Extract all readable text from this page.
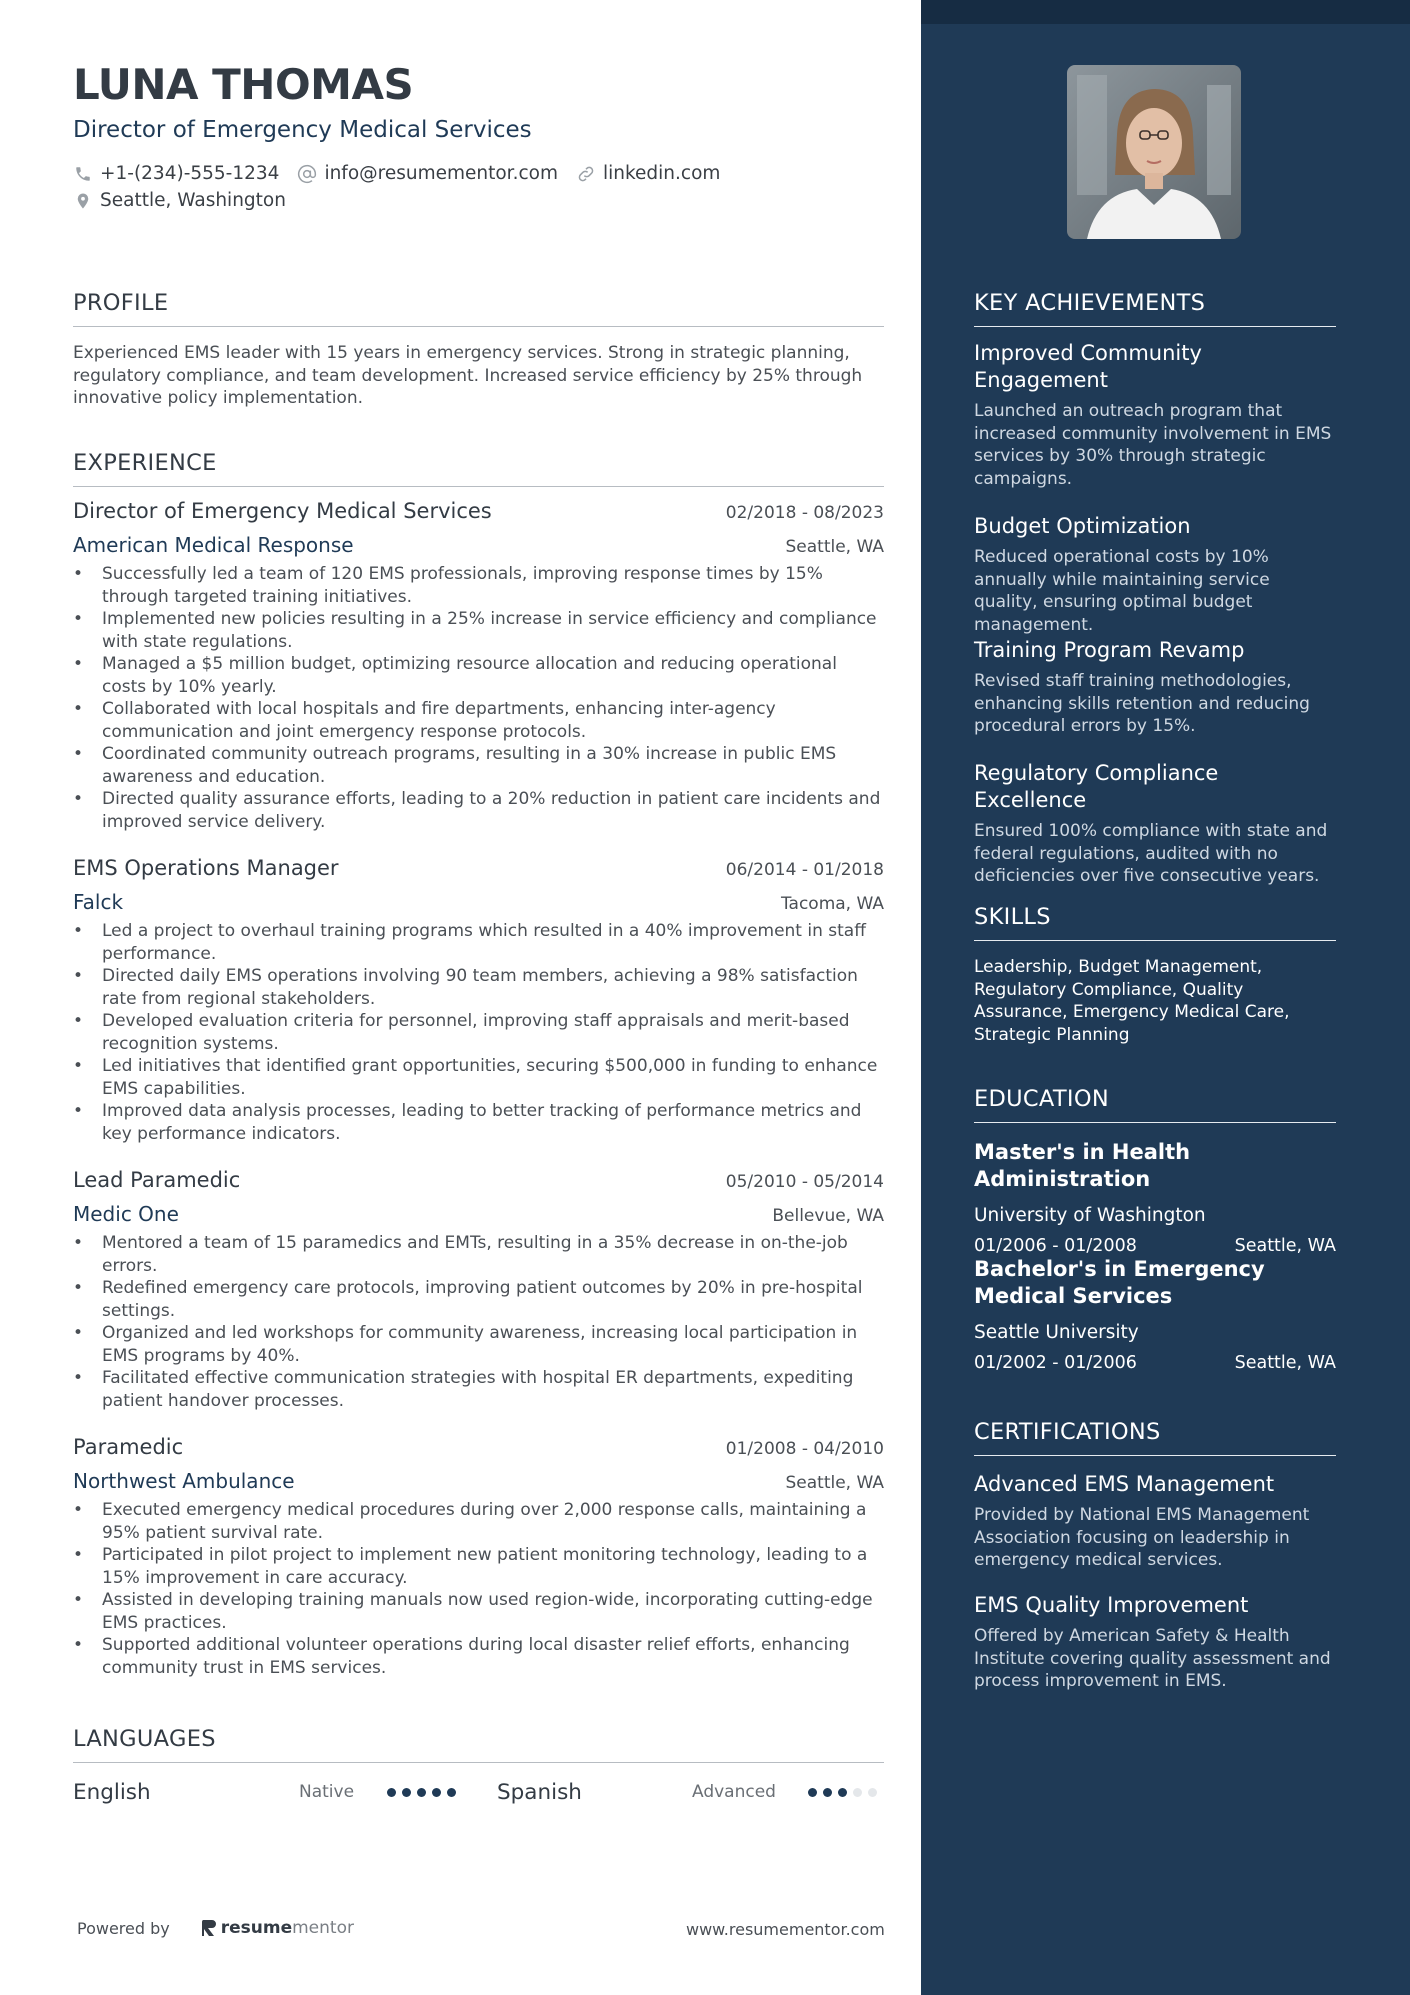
LUNA THOMAS
Director of Emergency Medical Services
+1-(234)-555-1234 info@resumementor.com linkedin.com
Seattle, Washington
PROFILE
Experienced EMS leader with 15 years in emergency services. Strong in strategic planning, regulatory compliance, and team development. Increased service efficiency by 25% through innovative policy implementation.
EXPERIENCE
Director of Emergency Medical Services	02/2018 - 08/2023
American Medical Response	Seattle, WA
• Successfully led a team of 120 EMS professionals, improving response times by 15% through targeted training initiatives.
• Implemented new policies resulting in a 25% increase in service efficiency and compliance with state regulations.
• Managed a $5 million budget, optimizing resource allocation and reducing operational costs by 10% yearly.
• Collaborated with local hospitals and fire departments, enhancing inter-agency communication and joint emergency response protocols.
• Coordinated community outreach programs, resulting in a 30% increase in public EMS awareness and education.
• Directed quality assurance efforts, leading to a 20% reduction in patient care incidents and improved service delivery.
EMS Operations Manager	06/2014 - 01/2018
Falck	Tacoma, WA
• Led a project to overhaul training programs which resulted in a 40% improvement in staff performance.
• Directed daily EMS operations involving 90 team members, achieving a 98% satisfaction rate from regional stakeholders.
• Developed evaluation criteria for personnel, improving staff appraisals and merit-based recognition systems.
• Led initiatives that identified grant opportunities, securing $500,000 in funding to enhance EMS capabilities.
• Improved data analysis processes, leading to better tracking of performance metrics and key performance indicators.
Lead Paramedic	05/2010 - 05/2014
Medic One	Bellevue, WA
• Mentored a team of 15 paramedics and EMTs, resulting in a 35% decrease in on-the-job errors.
• Redefined emergency care protocols, improving patient outcomes by 20% in pre-hospital settings.
• Organized and led workshops for community awareness, increasing local participation in EMS programs by 40%.
• Facilitated effective communication strategies with hospital ER departments, expediting patient handover processes.
Paramedic	01/2008 - 04/2010
Northwest Ambulance	Seattle, WA
• Executed emergency medical procedures during over 2,000 response calls, maintaining a 95% patient survival rate.
• Participated in pilot project to implement new patient monitoring technology, leading to a 15% improvement in care accuracy.
• Assisted in developing training manuals now used region-wide, incorporating cutting-edge EMS practices.
• Supported additional volunteer operations during local disaster relief efforts, enhancing community trust in EMS services.
LANGUAGES
English	Native	Spanish	Advanced
Powered by	resume mentor	www.resumementor.com
KEY ACHIEVEMENTS
Improved Community Engagement
Launched an outreach program that increased community involvement in EMS services by 30% through strategic campaigns.
Budget Optimization
Reduced operational costs by 10% annually while maintaining service quality, ensuring optimal budget management.
Training Program Revamp
Revised staff training methodologies, enhancing skills retention and reducing procedural errors by 15%.
Regulatory Compliance Excellence
Ensured 100% compliance with state and federal regulations, audited with no deficiencies over five consecutive years.
SKILLS
Leadership, Budget Management, Regulatory Compliance, Quality Assurance, Emergency Medical Care, Strategic Planning
EDUCATION
Master's in Health Administration
University of Washington
01/2006 - 01/2008	Seattle, WA
Bachelor's in Emergency Medical Services
Seattle University
01/2002 - 01/2006	Seattle, WA
CERTIFICATIONS
Advanced EMS Management
Provided by National EMS Management Association focusing on leadership in emergency medical services.
EMS Quality Improvement
Offered by American Safety & Health Institute covering quality assessment and process improvement in EMS.
